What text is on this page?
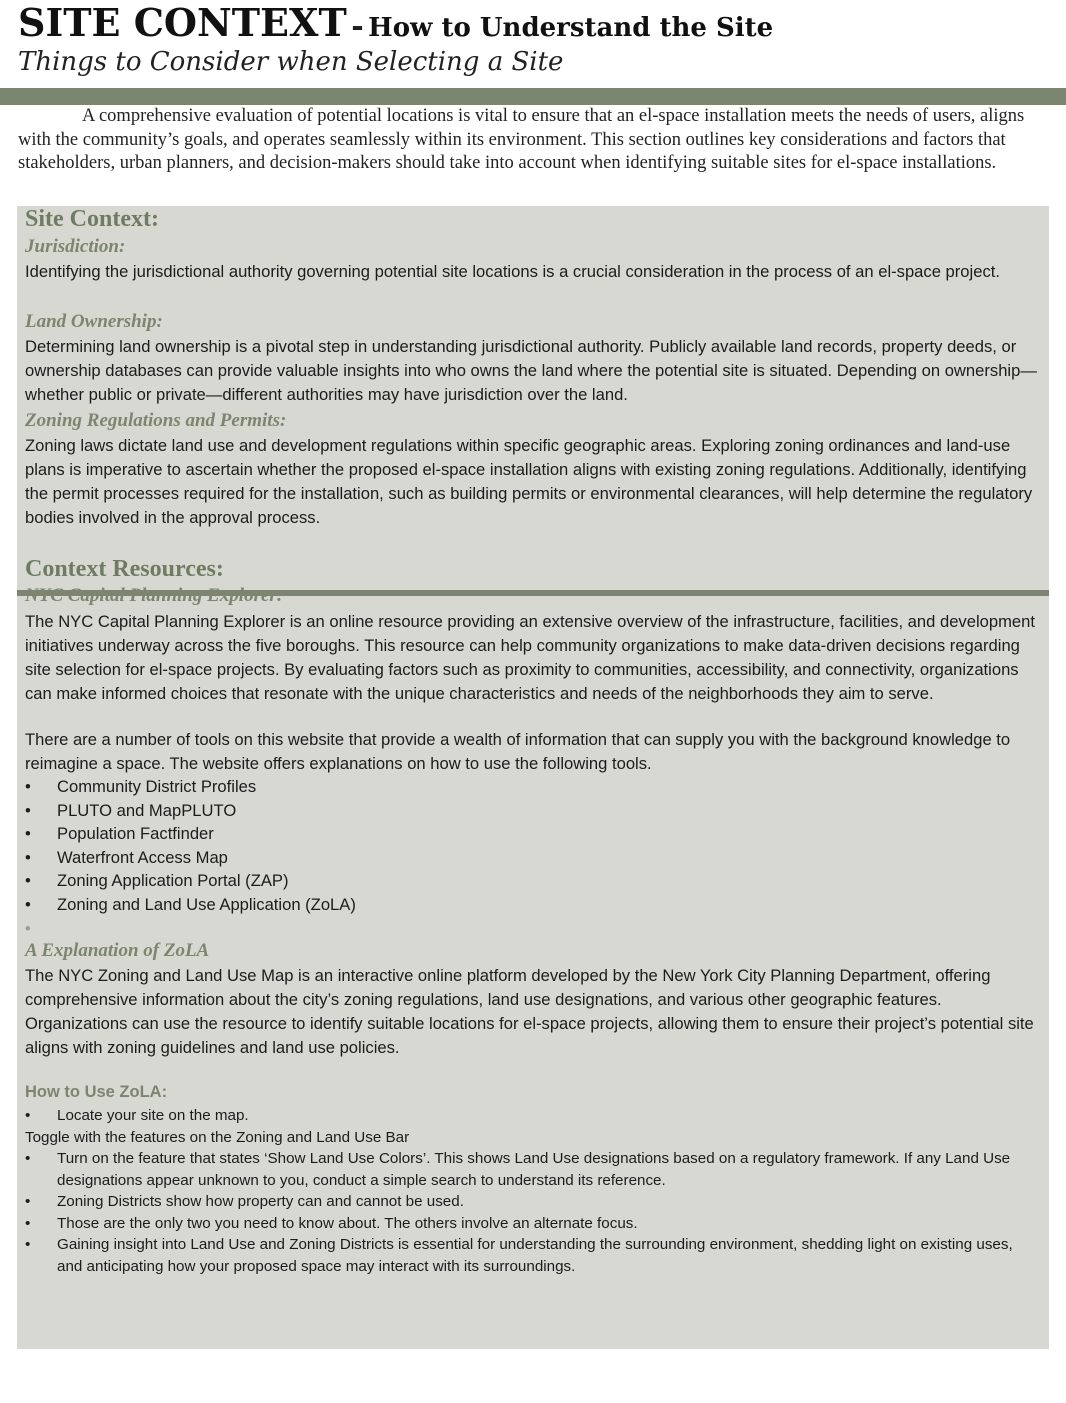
SITE CONTEXT - How to Understand the Site
Things to Consider when Selecting a Site

A comprehensive evaluation of potential locations is vital to ensure that an el-space installation meets the needs of users, aligns with the community’s goals, and operates seamlessly within its environment. This section outlines key considerations and factors that stakeholders, urban planners, and decision-makers should take into account when identifying suitable sites for el-space installations.

Site Context:
Jurisdiction:

Identifying the jurisdictional authority governing potential site locations is a crucial consideration in the process of an el-space project.

Land Ownership:

Determining land ownership is a pivotal step in understanding jurisdictional authority. Publicly available land records, property deeds, or ownership databases can provide valuable insights into who owns the land where the potential site is situated. Depending on ownership—whether public or private—different authorities may have jurisdiction over the land.

Zoning Regulations and Permits:

Zoning laws dictate land use and development regulations within specific geographic areas. Exploring zoning ordinances and land-use plans is imperative to ascertain whether the proposed el-space installation aligns with existing zoning regulations. Additionally, identifying the permit processes required for the installation, such as building permits or environmental clearances, will help determine the regulatory bodies involved in the approval process.

Context Resources:

The NYC Capital Planning Explorer is an online resource providing an extensive overview of the infrastructure, facilities, and development initiatives underway across the five boroughs. This resource can help community organizations to make data-driven decisions regarding site selection for el-space projects. By evaluating factors such as proximity to communities, accessibility, and connectivity, organizations can make informed choices that resonate with the unique characteristics and needs of the neighborhoods they aim to serve.

There are a number of tools on this website that provide a wealth of information that can supply you with the background knowledge to reimagine a space. The website offers explanations on how to use the following tools.

• Community District Profiles
• PLUTO and MapPLUTO
• Population Factfinder
• Waterfront Access Map
• Zoning Application Portal (ZAP)
• Zoning and Land Use Application (ZoLA)
•

A Explanation of ZoLA

The NYC Zoning and Land Use Map is an interactive online platform developed by the New York City Planning Department, offering comprehensive information about the city’s zoning regulations, land use designations, and various other geographic features. Organizations can use the resource to identify suitable locations for el-space projects, allowing them to ensure their project’s potential site aligns with zoning guidelines and land use policies.

How to Use ZoLA:
• Locate your site on the map.
Toggle with the features on the Zoning and Land Use Bar
• Turn on the feature that states ‘Show Land Use Colors’. This shows Land Use designations based on a regulatory framework. If any Land Use designations appear unknown to you, conduct a simple search to understand its reference.
• Zoning Districts show how property can and cannot be used.
• Those are the only two you need to know about. The others involve an alternate focus.
• Gaining insight into Land Use and Zoning Districts is essential for understanding the surrounding environment, shedding light on existing uses, and anticipating how your proposed space may interact with its surroundings.
